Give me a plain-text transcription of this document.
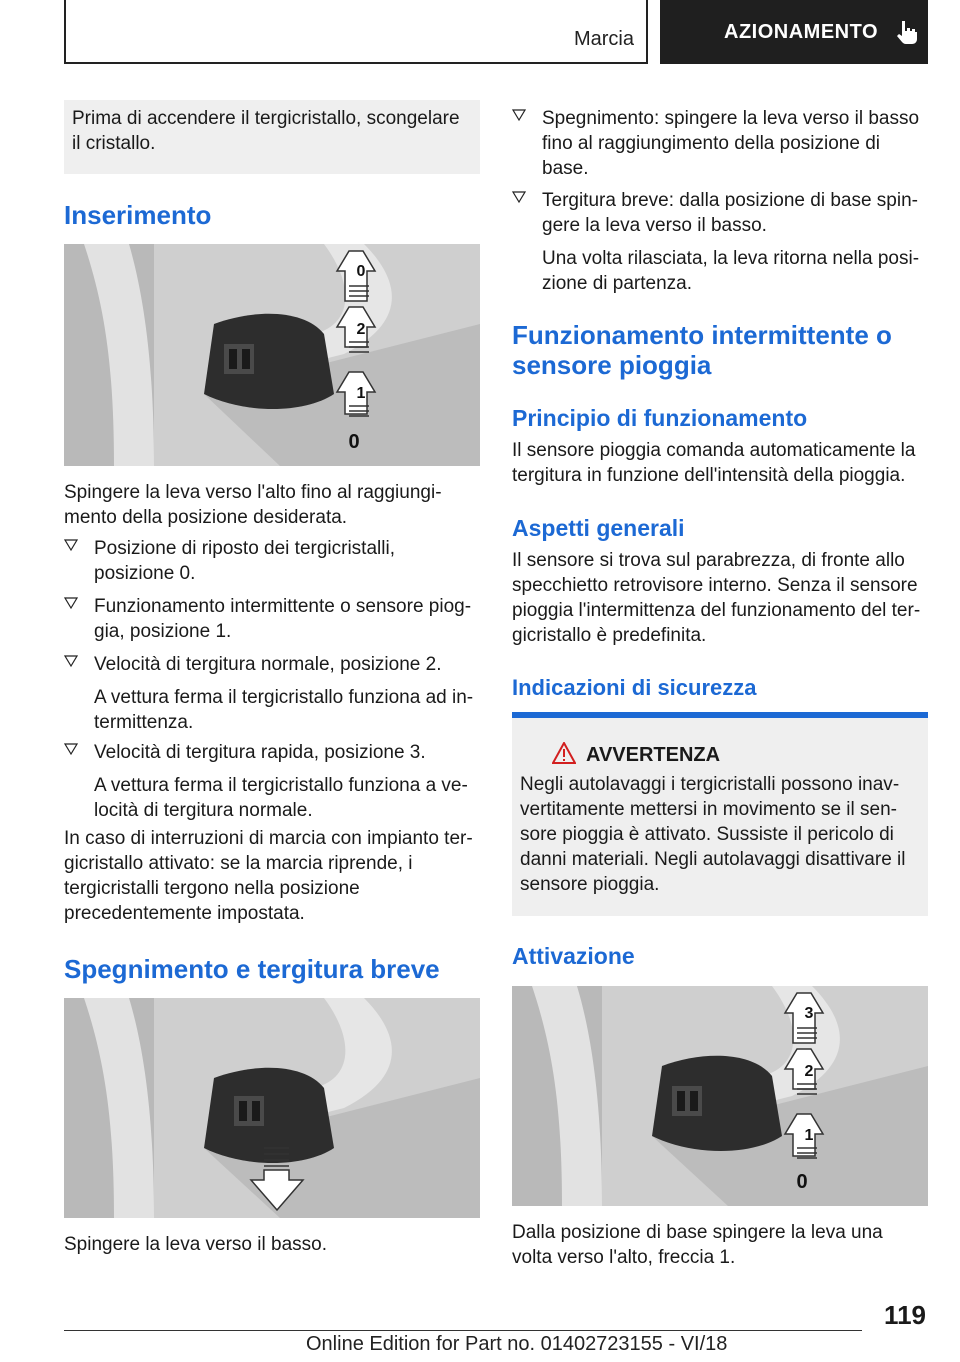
Marcia	AZIONAMENTO

Prima di accendere il tergicristallo, scongelare il cristallo.

Inserimento
0
2
1
0

Spingere la leva verso l'alto fino al raggiungimento della posizione desiderata.

Posizione di riposto dei tergicristalli, posizione 0.
Funzionamento intermittente o sensore pioggia, posizione 1.
Velocità di tergitura normale, posizione 2.
A vettura ferma il tergicristallo funziona ad intermittenza.
Velocità di tergitura rapida, posizione 3.
A vettura ferma il tergicristallo funziona a velocità di tergitura normale.

In caso di interruzioni di marcia con impianto tergicristallo attivato: se la marcia riprende, i tergicristalli tergono nella posizione precedentemente impostata.

Spegnimento e tergitura breve

Spingere la leva verso il basso.

Spegnimento: spingere la leva verso il basso fino al raggiungimento della posizione di base.
Tergitura breve: dalla posizione di base spingere la leva verso il basso.
Una volta rilasciata, la leva ritorna nella posizione di partenza.
Funzionamento intermittente o sensore pioggia
Principio di funzionamento

Il sensore pioggia comanda automaticamente la tergitura in funzione dell'intensità della pioggia.

Aspetti generali

Il sensore si trova sul parabrezza, di fronte allo specchietto retrovisore interno. Senza il sensore pioggia l'intermittenza del funzionamento del tergicristallo è predefinita.

Indicazioni di sicurezza
AVVERTENZA
Negli autolavaggi i tergicristalli possono inavvertitamente mettersi in movimento se il sensore pioggia è attivato. Sussiste il pericolo di danni materiali. Negli autolavaggi disattivare il sensore pioggia.
Attivazione
3
2
1
0

Dalla posizione di base spingere la leva una volta verso l'alto, freccia 1.

119
Online Edition for Part no. 01402723155 - VI/18
